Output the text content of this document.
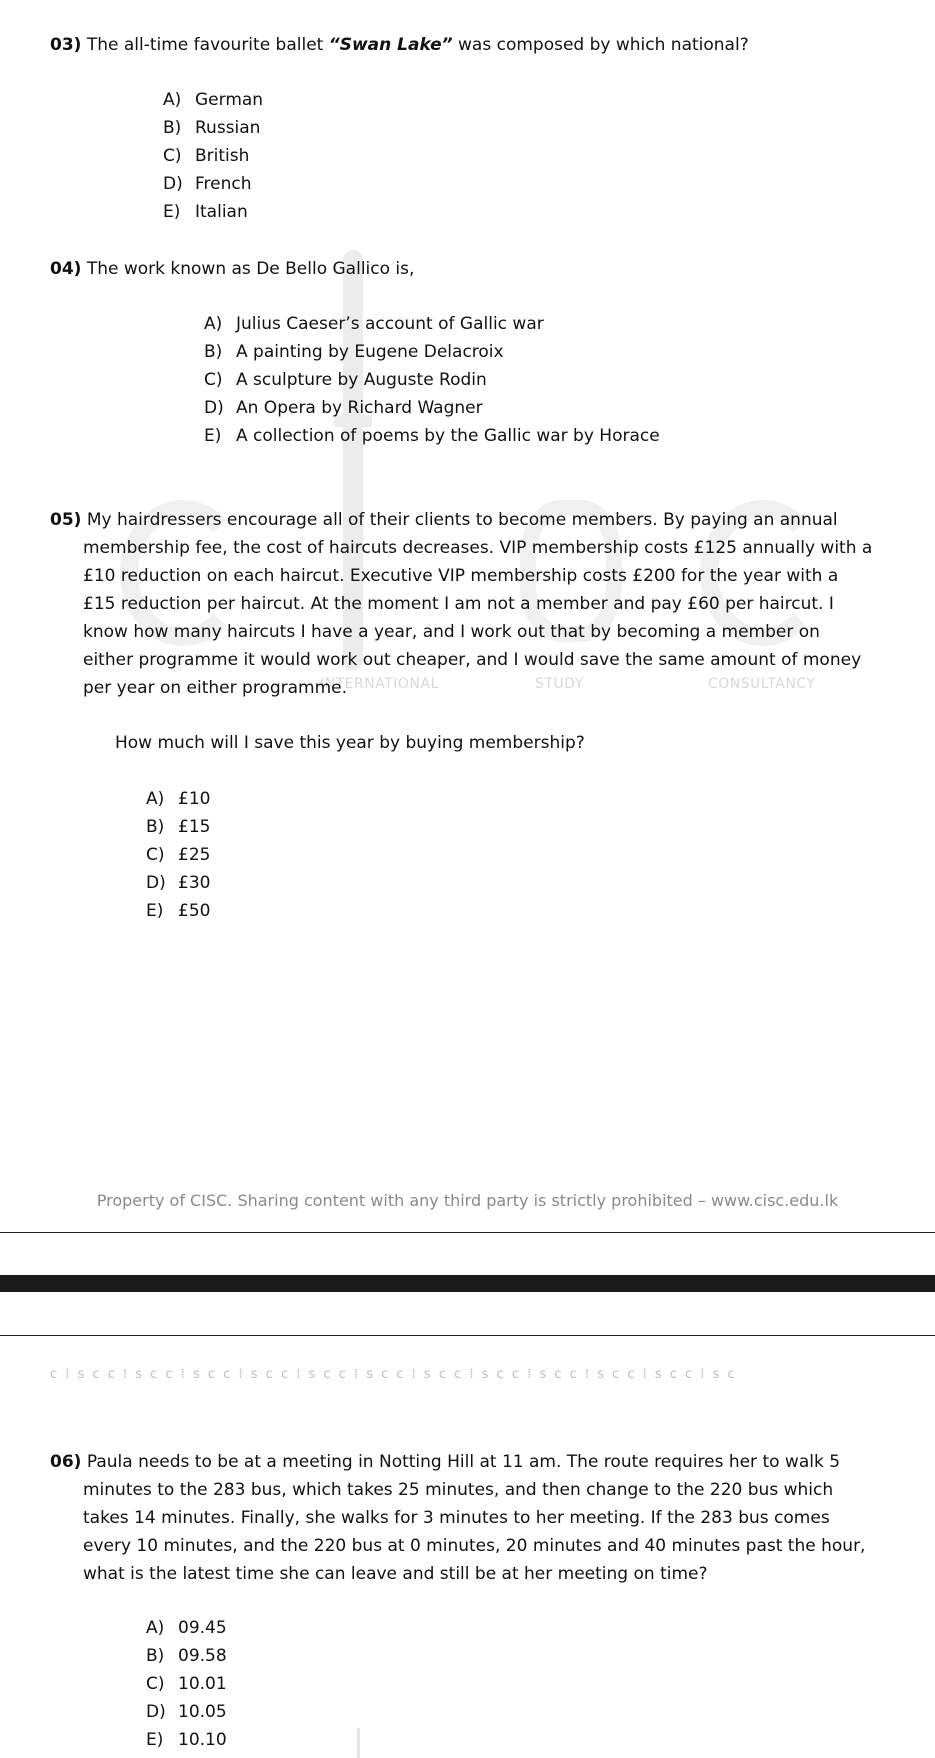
INTERNATIONAL	STUDY	CONSULTANCY
03) The all-time favourite ballet “Swan Lake” was composed by which national?
A) German
B) Russian
C) British
D) French
E) Italian
04) The work known as De Bello Gallico is,
A) Julius Caeser’s account of Gallic war
B) A painting by Eugene Delacroix
C) A sculpture by Auguste Rodin
D) An Opera by Richard Wagner
E) A collection of poems by the Gallic war by Horace
05) My hairdressers encourage all of their clients to become members. By paying an annual
membership fee, the cost of haircuts decreases. VIP membership costs £125 annually with a
£10 reduction on each haircut. Executive VIP membership costs £200 for the year with a
£15 reduction per haircut. At the moment I am not a member and pay £60 per haircut. I
know how many haircuts I have a year, and I work out that by becoming a member on
either programme it would work out cheaper, and I would save the same amount of money
per year on either programme.
How much will I save this year by buying membership?
A) £10
B) £15
C) £25
D) £30
E) £50
Property of CISC. Sharing content with any third party is strictly prohibited – www.cisc.edu.lk
c ⁞ s c c ⁞ s c c ⁞ s c c ⁞ s c c ⁞ s c c ⁞ s c c ⁞ s c c ⁞ s c c ⁞ s c c ⁞ s c c ⁞ s c c ⁞ s c
06) Paula needs to be at a meeting in Notting Hill at 11 am. The route requires her to walk 5
minutes to the 283 bus, which takes 25 minutes, and then change to the 220 bus which
takes 14 minutes. Finally, she walks for 3 minutes to her meeting. If the 283 bus comes
every 10 minutes, and the 220 bus at 0 minutes, 20 minutes and 40 minutes past the hour,
what is the latest time she can leave and still be at her meeting on time?
A) 09.45
B) 09.58
C) 10.01
D) 10.05
E) 10.10
